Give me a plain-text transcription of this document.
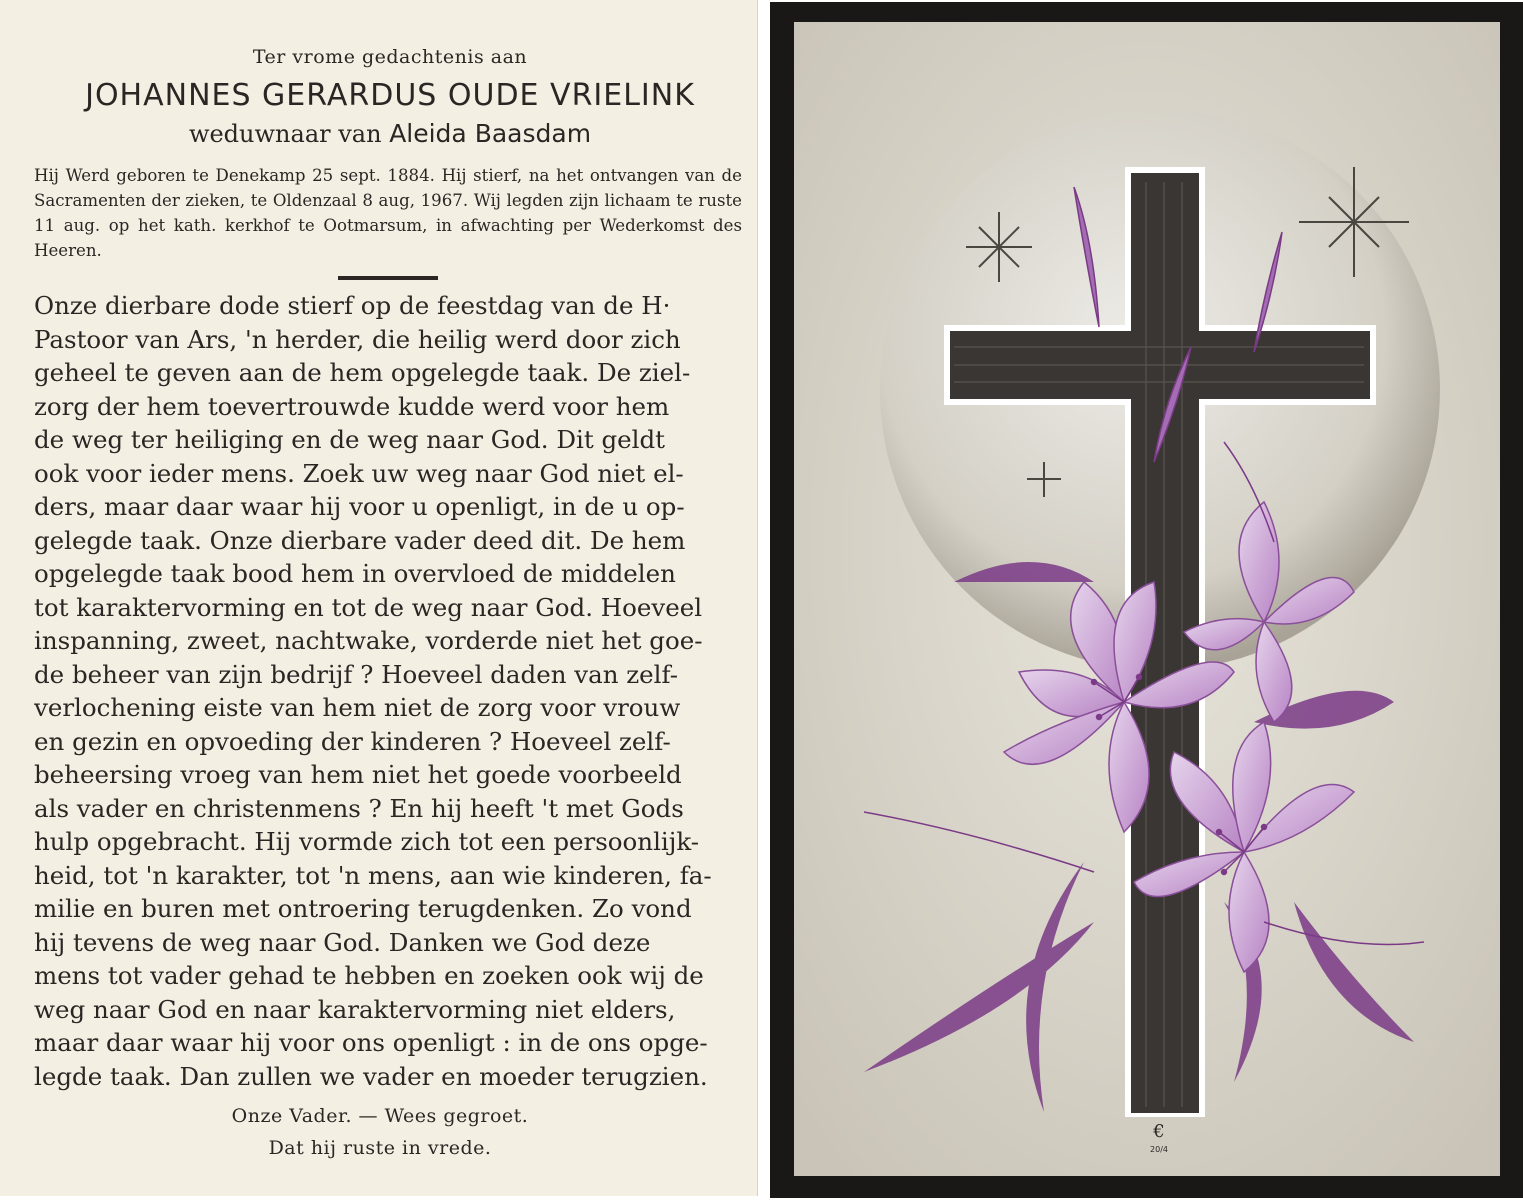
Ter vrome gedachtenis aan
JOHANNES GERARDUS OUDE VRIELINK
weduwnaar van Aleida Baasdam
Hij Werd geboren te Denekamp 25 sept. 1884. Hij stierf, na het ontvangen van de Sacramenten der zieken, te Oldenzaal 8 aug, 1967. Wij legden zijn lichaam te ruste 11 aug. op het kath. kerkhof te Ootmarsum, in afwachting per Wederkomst des Heeren.
Onze dierbare dode stierf op de feestdag van de H·
Pastoor van Ars, 'n herder, die heilig werd door zich
geheel te geven aan de hem opgelegde taak. De ziel-
zorg der hem toevertrouwde kudde werd voor hem
de weg ter heiliging en de weg naar God. Dit geldt
ook voor ieder mens. Zoek uw weg naar God niet el-
ders, maar daar waar hij voor u openligt, in de u op-
gelegde taak. Onze dierbare vader deed dit. De hem
opgelegde taak bood hem in overvloed de middelen
tot karaktervorming en tot de weg naar God. Hoeveel
inspanning, zweet, nachtwake, vorderde niet het goe-
de beheer van zijn bedrijf ? Hoeveel daden van zelf-
verlochening eiste van hem niet de zorg voor vrouw
en gezin en opvoeding der kinderen ? Hoeveel zelf-
beheersing vroeg van hem niet het goede voorbeeld
als vader en christenmens ? En hij heeft 't met Gods
hulp opgebracht. Hij vormde zich tot een persoonlijk-
heid, tot 'n karakter, tot 'n mens, aan wie kinderen, fa-
milie en buren met ontroering terugdenken. Zo vond
hij tevens de weg naar God. Danken we God deze
mens tot vader gehad te hebben en zoeken ook wij de
weg naar God en naar karaktervorming niet elders,
maar daar waar hij voor ons openligt : in de ons opge-
legde taak. Dan zullen we vader en moeder terugzien.
Onze Vader. — Wees gegroet.
Dat hij ruste in vrede.
€
20/4
